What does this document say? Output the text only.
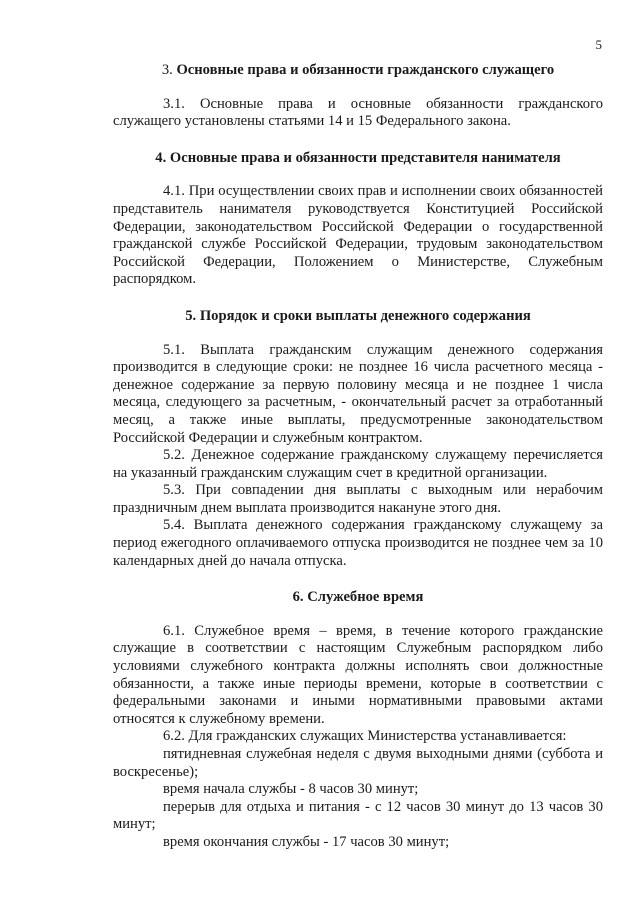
5
3. Основные права и обязанности гражданского служащего

3.1. Основные права и основные обязанности гражданского служащего установлены статьями 14 и 15 Федерального закона.

4. Основные права и обязанности представителя нанимателя

4.1. При осуществлении своих прав и исполнении своих обязанностей представитель нанимателя руководствуется Конституцией Российской Федерации, законодательством Российской Федерации о государственной гражданской службе Российской Федерации, трудовым законодательством Российской Федерации, Положением о Министерстве, Служебным распорядком.

5. Порядок и сроки выплаты денежного содержания

5.1. Выплата гражданским служащим денежного содержания производится в следующие сроки: не позднее 16 числа расчетного месяца - денежное содержание за первую половину месяца и не позднее 1 числа месяца, следующего за расчетным, - окончательный расчет за отработанный месяц, а также иные выплаты, предусмотренные законодательством Российской Федерации и служебным контрактом.

5.2. Денежное содержание гражданскому служащему перечисляется на указанный гражданским служащим счет в кредитной организации.

5.3. При совпадении дня выплаты с выходным или нерабочим праздничным днем выплата производится накануне этого дня.

5.4. Выплата денежного содержания гражданскому служащему за период ежегодного оплачиваемого отпуска производится не позднее чем за 10 календарных дней до начала отпуска.

6. Служебное время

6.1. Служебное время – время, в течение которого гражданские служащие в соответствии с настоящим Служебным распорядком либо условиями служебного контракта должны исполнять свои должностные обязанности, а также иные периоды времени, которые в соответствии с федеральными законами и иными нормативными правовыми актами относятся к служебному времени.

6.2. Для гражданских служащих Министерства устанавливается:

пятидневная служебная неделя с двумя выходными днями (суббота и воскресенье);

время начала службы - 8 часов 30 минут;

перерыв для отдыха и питания - с 12 часов 30 минут до 13 часов 30 минут;

время окончания службы - 17 часов 30 минут;
